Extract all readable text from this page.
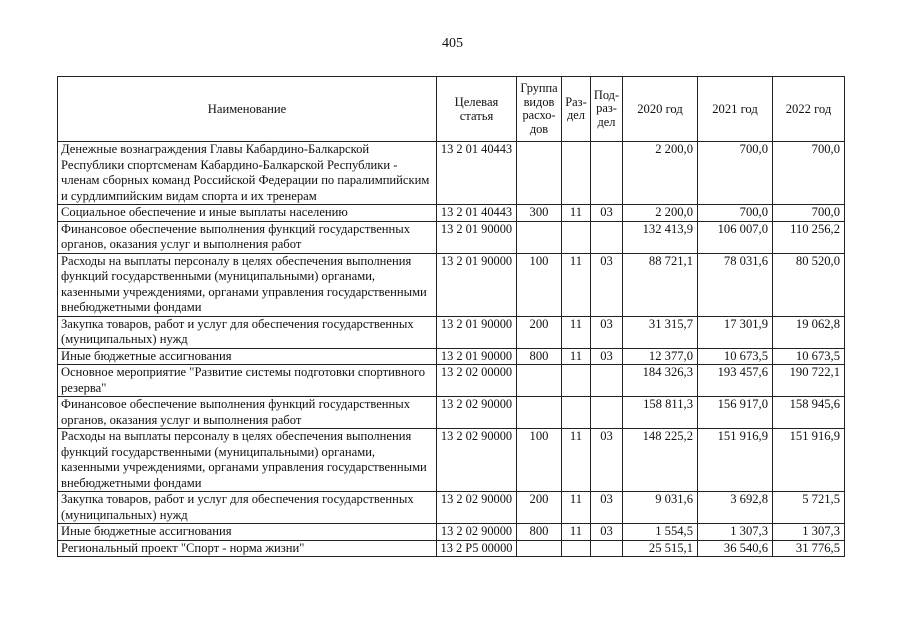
405
Наименование	Целевая статья	Группа видов расхо-дов	Раз-дел	Под-раз-дел	2020 год	2021 год	2022 год
Денежные вознаграждения Главы Кабардино-Балкарской Республики спортсменам Кабардино-Балкарской Республики - членам сборных команд Российской Федерации по паралимпийским и сурдлимпийским видам спорта и их тренерам	13 2 01 40443				2 200,0	700,0	700,0
Социальное обеспечение и иные выплаты населению	13 2 01 40443	300	11	03	2 200,0	700,0	700,0
Финансовое обеспечение выполнения функций государственных органов, оказания услуг и выполнения работ	13 2 01 90000				132 413,9	106 007,0	110 256,2
Расходы на выплаты персоналу в целях обеспечения выполнения функций государственными (муниципальными) органами, казенными учреждениями, органами управления государственными внебюджетными фондами	13 2 01 90000	100	11	03	88 721,1	78 031,6	80 520,0
Закупка товаров, работ и услуг для обеспечения государственных (муниципальных) нужд	13 2 01 90000	200	11	03	31 315,7	17 301,9	19 062,8
Иные бюджетные ассигнования	13 2 01 90000	800	11	03	12 377,0	10 673,5	10 673,5
Основное мероприятие "Развитие системы подготовки спортивного резерва"	13 2 02 00000				184 326,3	193 457,6	190 722,1
Финансовое обеспечение выполнения функций государственных органов, оказания услуг и выполнения работ	13 2 02 90000				158 811,3	156 917,0	158 945,6
Расходы на выплаты персоналу в целях обеспечения выполнения функций государственными (муниципальными) органами, казенными учреждениями, органами управления государственными внебюджетными фондами	13 2 02 90000	100	11	03	148 225,2	151 916,9	151 916,9
Закупка товаров, работ и услуг для обеспечения государственных (муниципальных) нужд	13 2 02 90000	200	11	03	9 031,6	3 692,8	5 721,5
Иные бюджетные ассигнования	13 2 02 90000	800	11	03	1 554,5	1 307,3	1 307,3
Региональный проект "Спорт - норма жизни"	13 2 P5 00000				25 515,1	36 540,6	31 776,5
